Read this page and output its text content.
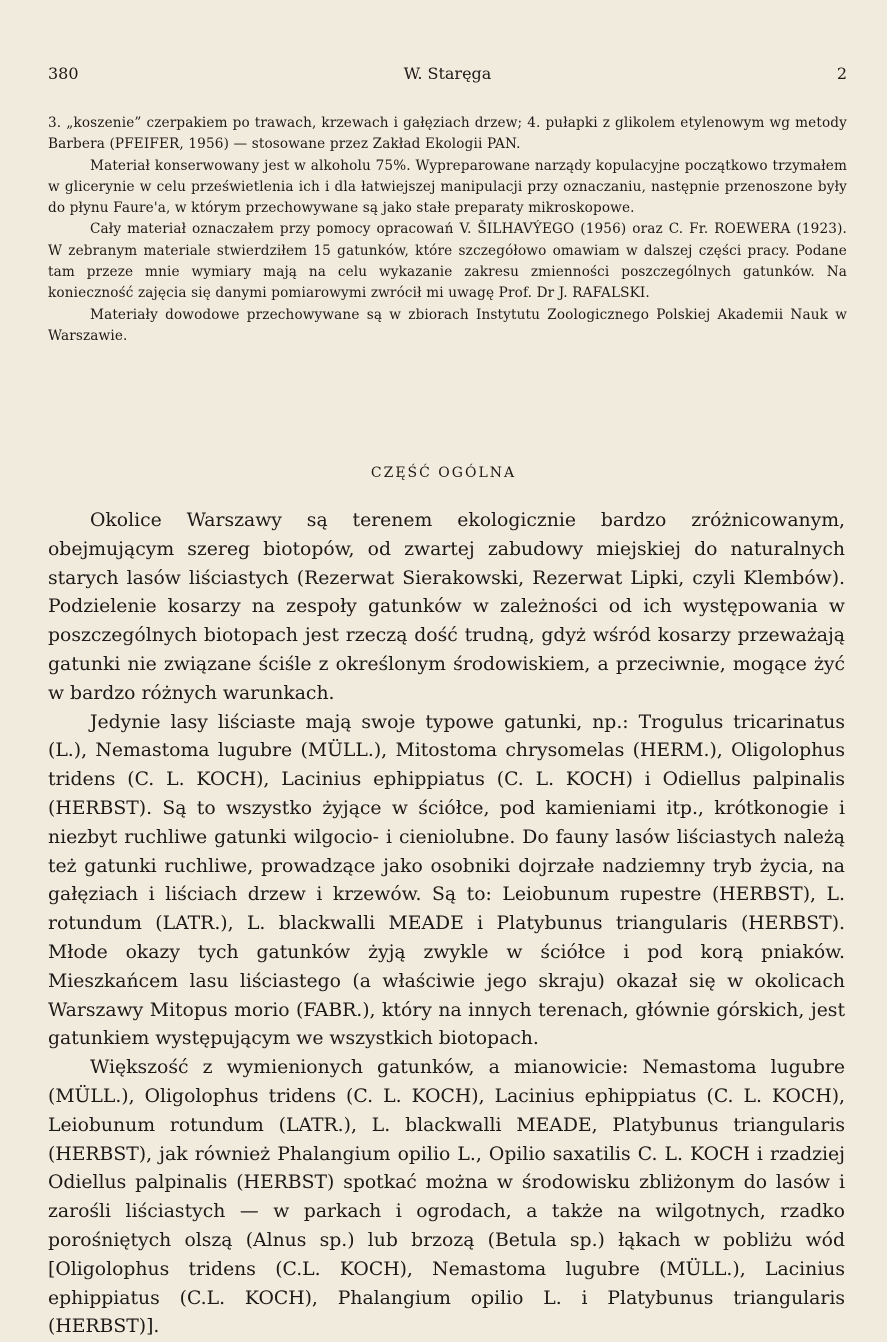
380	W. Staręga	2

3. „koszenie” czerpakiem po trawach, krzewach i gałęziach drzew; 4. pułapki z glikolem etylenowym wg metody Barbera (PFEIFER, 1956) — stosowane przez Zakład Ekologii PAN.

Materiał konserwowany jest w alkoholu 75%. Wypreparowane narządy kopulacyjne początkowo trzymałem w glicerynie w celu prześwietlenia ich i dla łatwiejszej manipulacji przy oznaczaniu, następnie przenoszone były do płynu Faure'a, w którym przechowywane są jako stałe preparaty mikroskopowe.

Cały materiał oznaczałem przy pomocy opracowań V. ŠILHAVÝEGO (1956) oraz C. Fr. ROEWERA (1923). W zebranym materiale stwierdziłem 15 gatunków, które szczegółowo omawiam w dalszej części pracy. Podane tam przeze mnie wymiary mają na celu wykazanie zakresu zmienności poszczególnych gatunków. Na konieczność zajęcia się danymi pomiarowymi zwrócił mi uwagę Prof. Dr J. RAFALSKI.

Materiały dowodowe przechowywane są w zbiorach Instytutu Zoologicznego Polskiej Akademii Nauk w Warszawie.

CZĘŚĆ OGÓLNA

Okolice Warszawy są terenem ekologicznie bardzo zróżnicowanym, obejmującym szereg biotopów, od zwartej zabudowy miejskiej do naturalnych starych lasów liściastych (Rezerwat Sierakowski, Rezerwat Lipki, czyli Klembów). Podzielenie kosarzy na zespoły gatunków w zależności od ich występowania w poszczególnych biotopach jest rzeczą dość trudną, gdyż wśród kosarzy przeważają gatunki nie związane ściśle z określonym środowiskiem, a przeciwnie, mogące żyć w bardzo różnych warunkach.

Jedynie lasy liściaste mają swoje typowe gatunki, np.: Trogulus tricarinatus (L.), Nemastoma lugubre (MÜLL.), Mitostoma chrysomelas (HERM.), Oligolophus tridens (C. L. KOCH), Lacinius ephippiatus (C. L. KOCH) i Odiellus palpinalis (HERBST). Są to wszystko żyjące w ściółce, pod kamieniami itp., krótkonogie i niezbyt ruchliwe gatunki wilgocio- i cieniolubne. Do fauny lasów liściastych należą też gatunki ruchliwe, prowadzące jako osobniki dojrzałe nadziemny tryb życia, na gałęziach i liściach drzew i krzewów. Są to: Leiobunum rupestre (HERBST), L. rotundum (LATR.), L. blackwalli MEADE i Platybunus triangularis (HERBST). Młode okazy tych gatunków żyją zwykle w ściółce i pod korą pniaków. Mieszkańcem lasu liściastego (a właściwie jego skraju) okazał się w okolicach Warszawy Mitopus morio (FABR.), który na innych terenach, głównie górskich, jest gatunkiem występującym we wszystkich biotopach.

Większość z wymienionych gatunków, a mianowicie: Nemastoma lugubre (MÜLL.), Oligolophus tridens (C. L. KOCH), Lacinius ephippiatus (C. L. KOCH), Leiobunum rotundum (LATR.), L. blackwalli MEADE, Platybunus triangularis (HERBST), jak również Phalangium opilio L., Opilio saxatilis C. L. KOCH i rzadziej Odiellus palpinalis (HERBST) spotkać można w środowisku zbliżonym do lasów i zarośli liściastych — w parkach i ogrodach, a także na wilgotnych, rzadko porośniętych olszą (Alnus sp.) lub brzozą (Betula sp.) łąkach w pobliżu wód [Oligolophus tridens (C.L. KOCH), Nemastoma lugubre (MÜLL.), Lacinius ephippiatus (C.L. KOCH), Phalangium opilio L. i Platybunus triangularis (HERBST)].
